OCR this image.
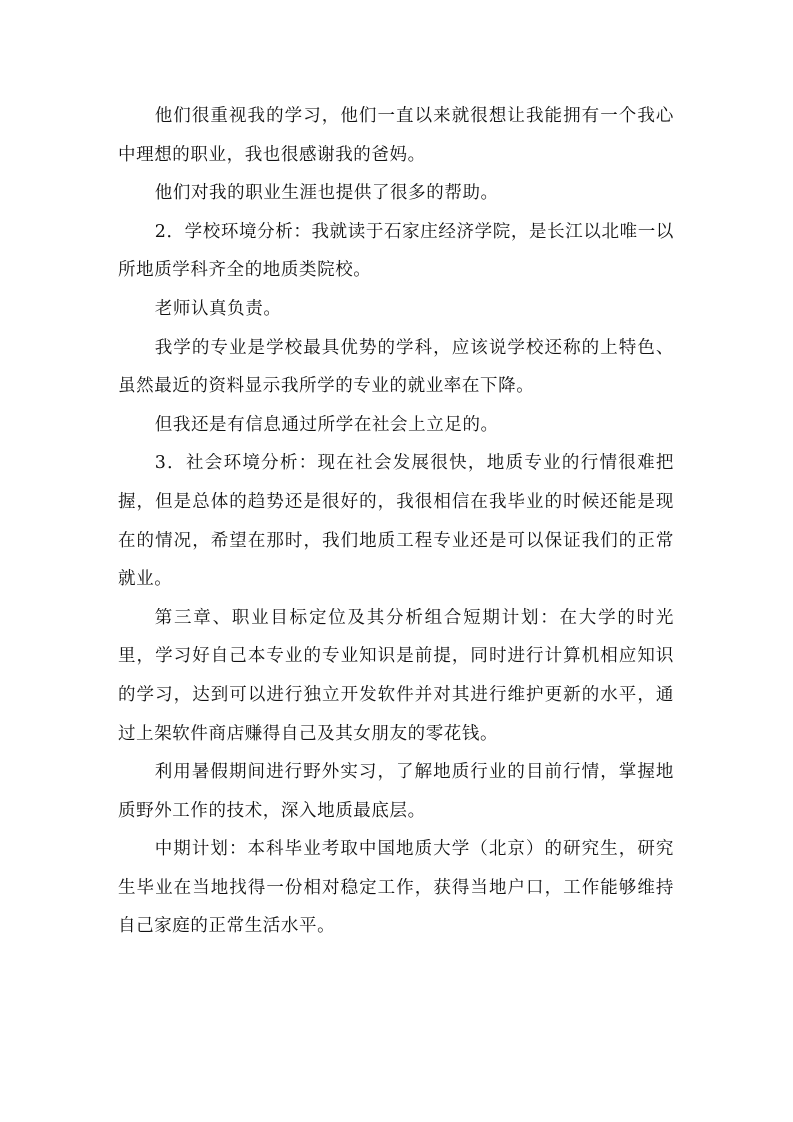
他们很重视我的学习，他们一直以来就很想让我能拥有一个我心中理想的职业，我也很感谢我的爸妈。

他们对我的职业生涯也提供了很多的帮助。

2．学校环境分析：我就读于石家庄经济学院，是长江以北唯一以所地质学科齐全的地质类院校。

老师认真负责。

我学的专业是学校最具优势的学科，应该说学校还称的上特色、虽然最近的资料显示我所学的专业的就业率在下降。

但我还是有信息通过所学在社会上立足的。

3．社会环境分析：现在社会发展很快，地质专业的行情很难把握，但是总体的趋势还是很好的，我很相信在我毕业的时候还能是现在的情况，希望在那时，我们地质工程专业还是可以保证我们的正常就业。

第三章、职业目标定位及其分析组合短期计划：在大学的时光里，学习好自己本专业的专业知识是前提，同时进行计算机相应知识的学习，达到可以进行独立开发软件并对其进行维护更新的水平，通过上架软件商店赚得自己及其女朋友的零花钱。

利用暑假期间进行野外实习，了解地质行业的目前行情，掌握地质野外工作的技术，深入地质最底层。

中期计划：本科毕业考取中国地质大学（北京）的研究生，研究生毕业在当地找得一份相对稳定工作，获得当地户口，工作能够维持自己家庭的正常生活水平。
